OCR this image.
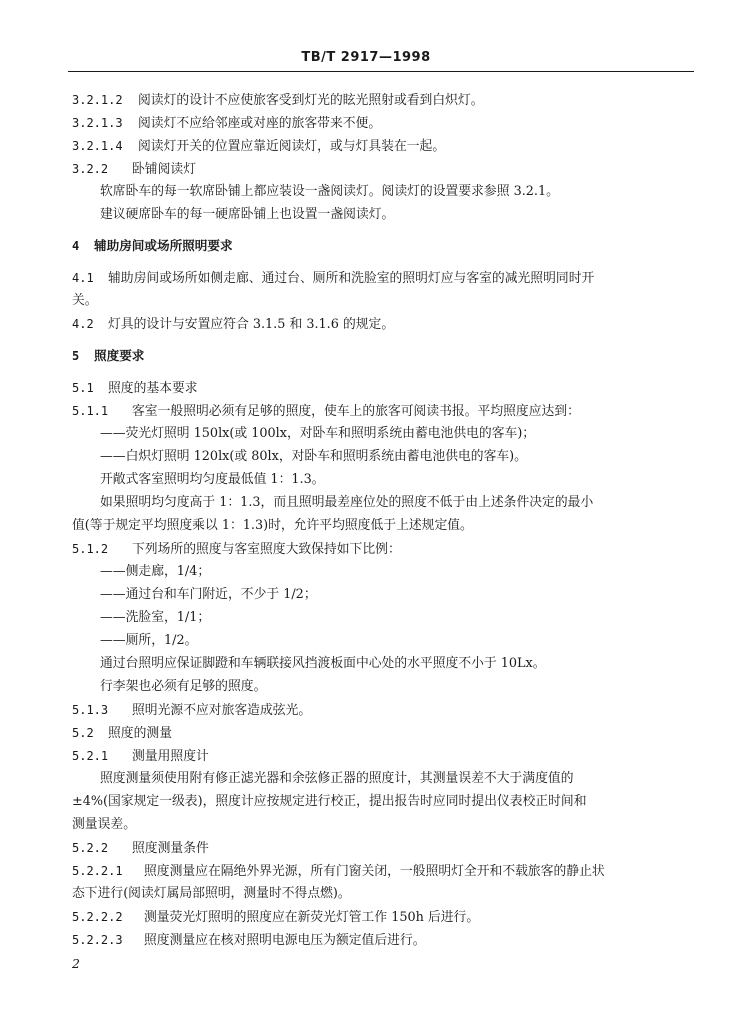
TB/T 2917—1998
3.2.1.2 阅读灯的设计不应使旅客受到灯光的眩光照射或看到白炽灯。
3.2.1.3 阅读灯不应给邻座或对座的旅客带来不便。
3.2.1.4 阅读灯开关的位置应靠近阅读灯，或与灯具装在一起。
3.2.2 卧铺阅读灯
软席卧车的每一软席卧铺上都应装设一盏阅读灯。阅读灯的设置要求参照 3.2.1。
建议硬席卧车的每一硬席卧铺上也设置一盏阅读灯。
4 辅助房间或场所照明要求
4.1 辅助房间或场所如侧走廊、通过台、厕所和洗脸室的照明灯应与客室的减光照明同时开
关。
4.2 灯具的设计与安置应符合 3.1.5 和 3.1.6 的规定。
5 照度要求
5.1 照度的基本要求
5.1.1 客室一般照明必须有足够的照度，使车上的旅客可阅读书报。平均照度应达到：
——荧光灯照明 150lx(或 100lx，对卧车和照明系统由蓄电池供电的客车)；
——白炽灯照明 120lx(或 80lx，对卧车和照明系统由蓄电池供电的客车)。
开敞式客室照明均匀度最低值 1：1.3。
如果照明均匀度高于 1：1.3，而且照明最差座位处的照度不低于由上述条件决定的最小
值(等于规定平均照度乘以 1：1.3)时，允许平均照度低于上述规定值。
5.1.2 下列场所的照度与客室照度大致保持如下比例：
——侧走廊，1/4；
——通过台和车门附近，不少于 1/2；
——洗脸室，1/1；
——厕所，1/2。
通过台照明应保证脚蹬和车辆联接风挡渡板面中心处的水平照度不小于 10Lx。
行李架也必须有足够的照度。
5.1.3 照明光源不应对旅客造成弦光。
5.2 照度的测量
5.2.1 测量用照度计
照度测量须使用附有修正滤光器和余弦修正器的照度计，其测量误差不大于满度值的
±4%(国家规定一级表)，照度计应按规定进行校正，提出报告时应同时提出仪表校正时间和
测量误差。
5.2.2 照度测量条件
5.2.2.1 照度测量应在隔绝外界光源，所有门窗关闭，一般照明灯全开和不载旅客的静止状
态下进行(阅读灯属局部照明，测量时不得点燃)。
5.2.2.2 测量荧光灯照明的照度应在新荧光灯管工作 150h 后进行。
5.2.2.3 照度测量应在核对照明电源电压为额定值后进行。
2
